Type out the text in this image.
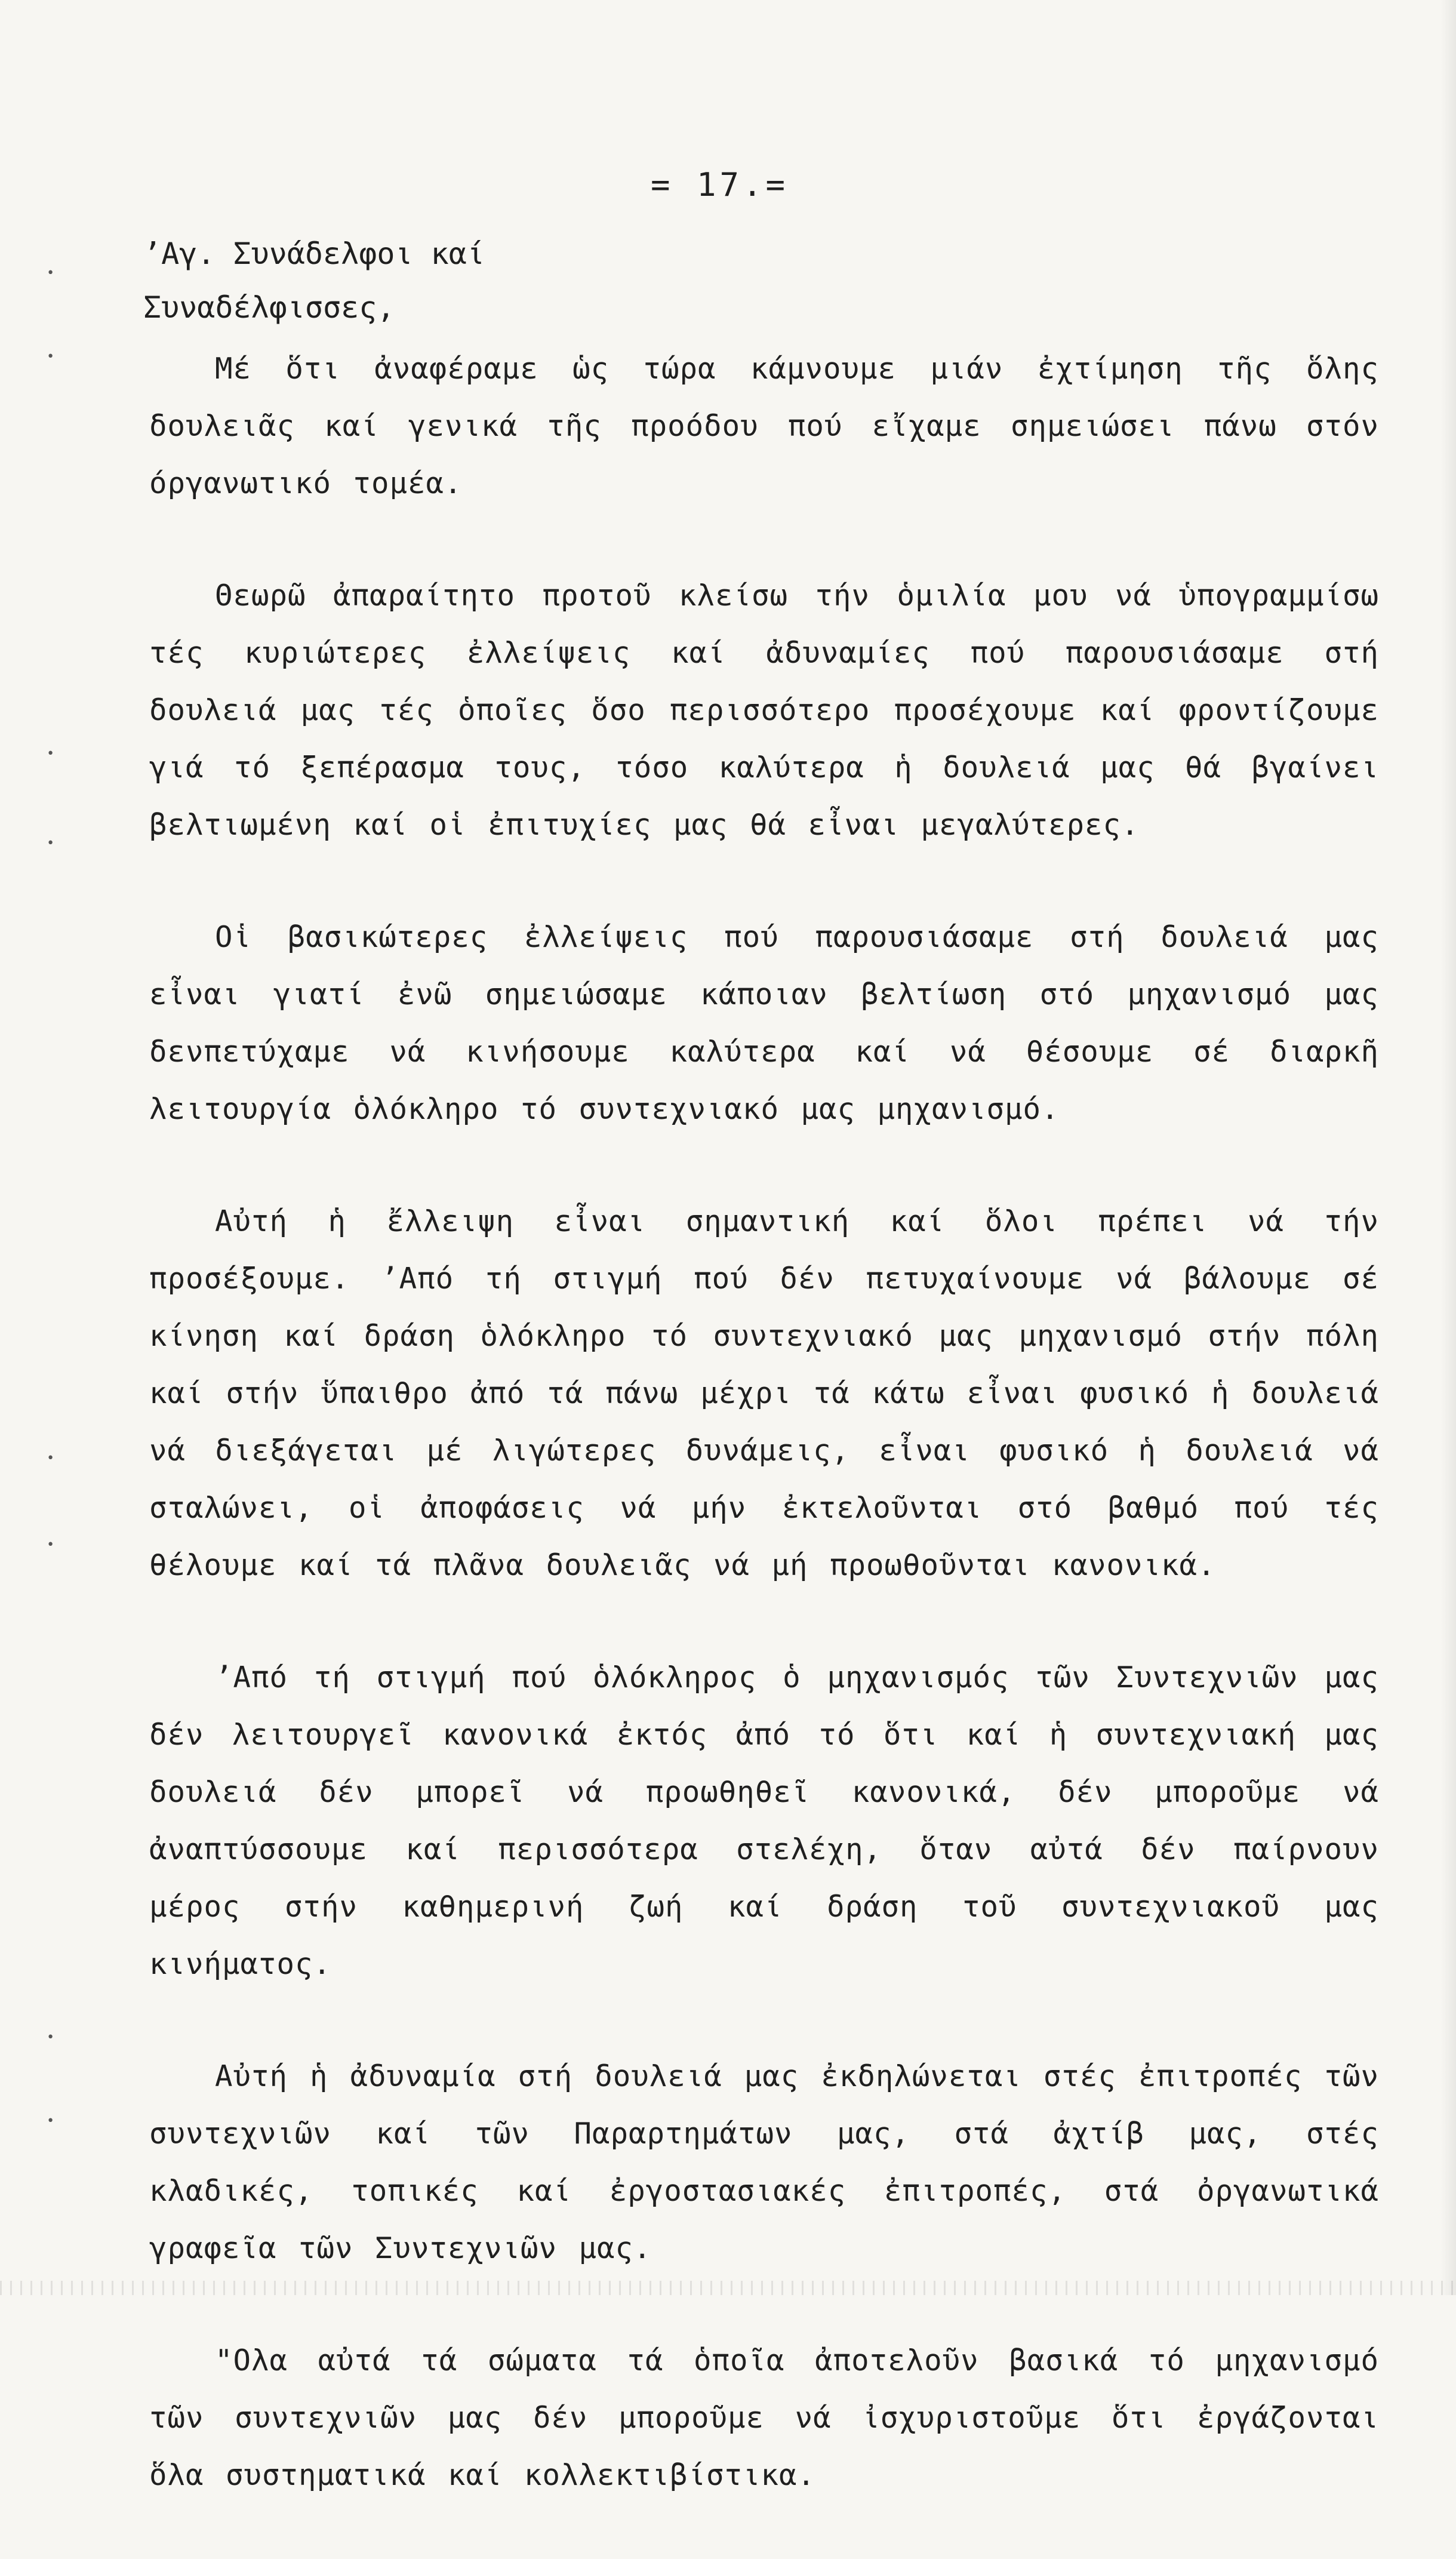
•
•
•
•
•
•
•
•
= 17.=
’Αγ. Συνάδελφοι καί
Συναδέλφισσες,

Μέ ὅτι ἀναφέραμε ὡς τώρα κάμνουμε μιάν ἐχτίμηση τῆς ὅλης δουλειᾶς καί γενικά τῆς προόδου πού εἴχαμε σημειώσει πάνω στόν όργανωτικό τομέα.

Θεωρῶ ἀπαραίτητο προτοῦ κλείσω τήν ὁμιλία μου νά ὑπογραμμίσω τές κυριώτερες ἐλλείψεις καί ἀδυναμίες πού παρουσιάσαμε στή δουλειά μας τές ὁποῖες ὅσο περισσότερο προσέχουμε καί φροντίζουμε γιά τό ξεπέρασμα τους, τόσο καλύτερα ἡ δουλειά μας θά βγαίνει βελτιωμένη καί οἱ ἐπιτυχίες μας θά εἶναι μεγαλύτερες.

Οἱ βασικώτερες ἐλλείψεις πού παρουσιάσαμε στή δουλειά μας εἶναι γιατί ἐνῶ σημειώσαμε κάποιαν βελτίωση στό μηχανισμό μας δενπετύχαμε νά κινήσουμε καλύτερα καί νά θέσουμε σέ διαρκῆ λειτουργία ὁλόκληρο τό συντεχνιακό μας μηχανισμό.

Αὐτή ἡ ἔλλειψη εἶναι σημαντική καί ὅλοι πρέπει νά τήν προσέξουμε. ’Από τή στιγμή πού δέν πετυχαίνουμε νά βάλουμε σέ κίνηση καί δράση ὁλόκληρο τό συντεχνιακό μας μηχανισμό στήν πόλη καί στήν ὕπαιθρο ἀπό τά πάνω μέχρι τά κάτω εἶναι φυσικό ἡ δουλειά νά διεξάγεται μέ λιγώτερες δυνάμεις, εἶναι φυσικό ἡ δουλειά νά σταλώνει, οἱ ἀποφάσεις νά μήν ἐκτελοῦνται στό βαθμό πού τές θέλουμε καί τά πλᾶνα δουλειᾶς νά μή προωθοῦνται κανονικά.

’Από τή στιγμή πού ὁλόκληρος ὁ μηχανισμός τῶν Συντεχνιῶν μας δέν λειτουργεῖ κανονικά ἐκτός ἀπό τό ὅτι καί ἡ συντεχνιακή μας δουλειά δέν μπορεῖ νά προωθηθεῖ κανονικά, δέν μποροῦμε νά ἀναπτύσσουμε καί περισσότερα στελέχη, ὅταν αὐτά δέν παίρνουν μέρος στήν καθημερινή ζωή καί δράση τοῦ συντεχνιακοῦ μας κινήματος.

Αὐτή ἡ ἀδυναμία στή δουλειά μας ἐκδηλώνεται στές ἐπιτροπές τῶν συντεχνιῶν καί τῶν Παραρτημάτων μας, στά ἀχτίβ μας, στές κλαδικές, τοπικές καί ἐργοστασιακές ἐπιτροπές, στά ὀργανωτικά γραφεῖα τῶν Συντεχνιῶν μας.

"Ολα αὐτά τά σώματα τά ὁποῖα ἀποτελοῦν βασικά τό μηχανισμό τῶν συντεχνιῶν μας δέν μποροῦμε νά ἰσχυριστοῦμε ὅτι ἐργάζονται ὅλα συστηματικά καί κολλεκτιβίστικα.
